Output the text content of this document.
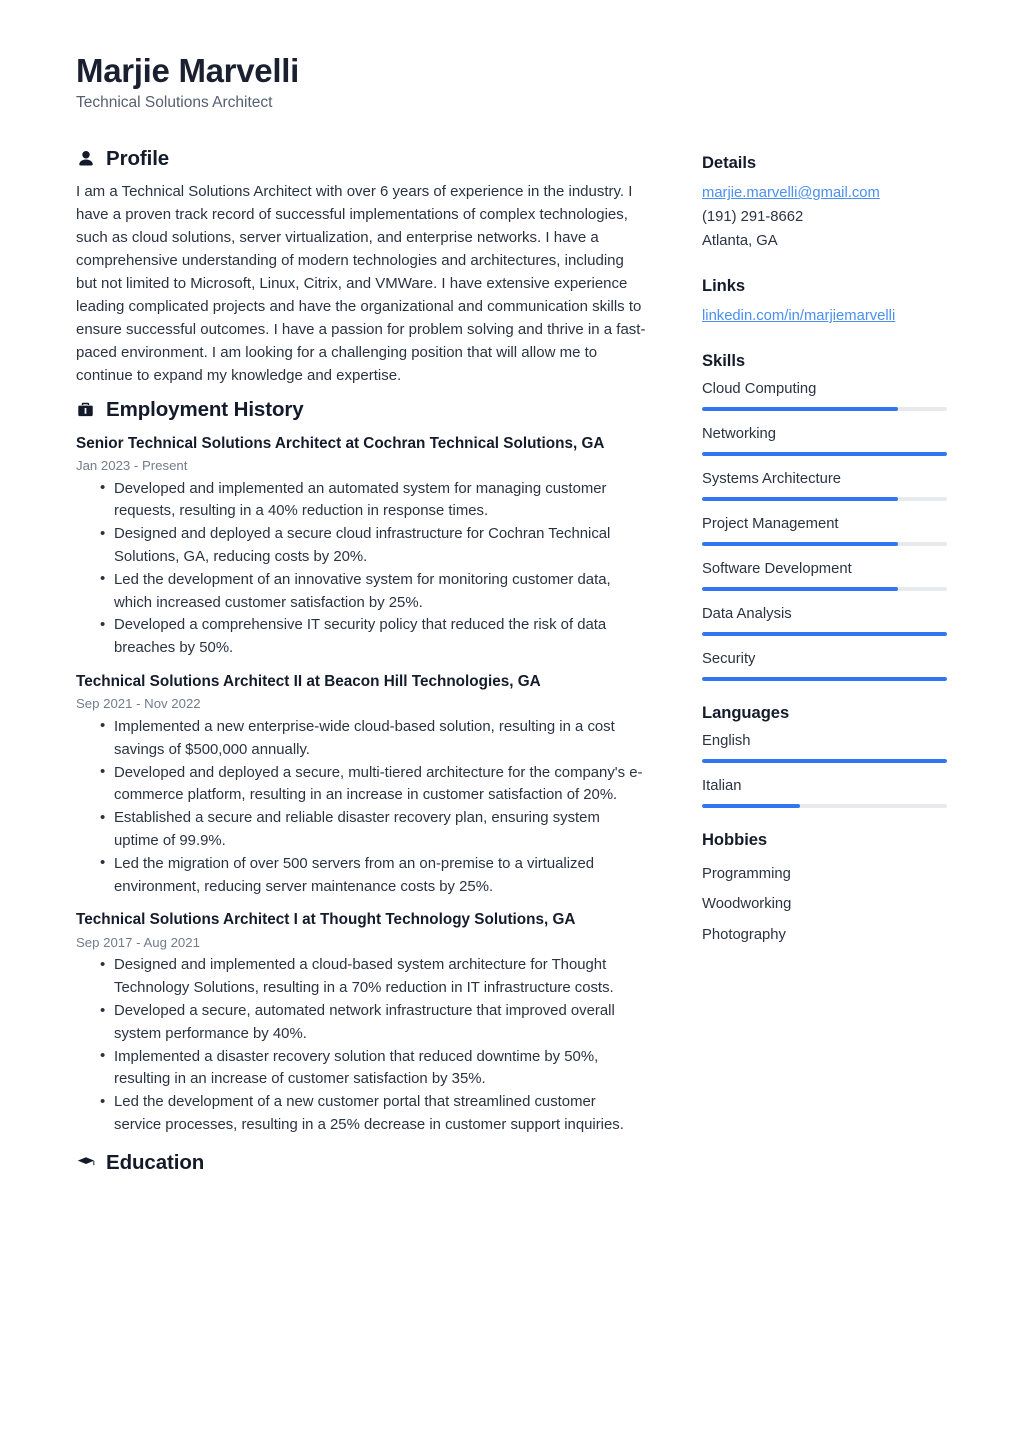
Marjie Marvelli

Technical Solutions Architect

Profile

I am a Technical Solutions Architect with over 6 years of experience in the industry. I have a proven track record of successful implementations of complex technologies, such as cloud solutions, server virtualization, and enterprise networks. I have a comprehensive understanding of modern technologies and architectures, including but not limited to Microsoft, Linux, Citrix, and VMWare. I have extensive experience leading complicated projects and have the organizational and communication skills to ensure successful outcomes. I have a passion for problem solving and thrive in a fast-paced environment. I am looking for a challenging position that will allow me to continue to expand my knowledge and expertise.

Employment History

Senior Technical Solutions Architect at Cochran Technical Solutions, GA

Jan 2023 - Present

• Developed and implemented an automated system for managing customer requests, resulting in a 40% reduction in response times.
• Designed and deployed a secure cloud infrastructure for Cochran Technical Solutions, GA, reducing costs by 20%.
• Led the development of an innovative system for monitoring customer data, which increased customer satisfaction by 25%.
• Developed a comprehensive IT security policy that reduced the risk of data breaches by 50%.

Technical Solutions Architect II at Beacon Hill Technologies, GA

Sep 2021 - Nov 2022

• Implemented a new enterprise-wide cloud-based solution, resulting in a cost savings of $500,000 annually.
• Developed and deployed a secure, multi-tiered architecture for the company's e-commerce platform, resulting in an increase in customer satisfaction of 20%.
• Established a secure and reliable disaster recovery plan, ensuring system uptime of 99.9%.
• Led the migration of over 500 servers from an on-premise to a virtualized environment, reducing server maintenance costs by 25%.

Technical Solutions Architect I at Thought Technology Solutions, GA

Sep 2017 - Aug 2021

• Designed and implemented a cloud-based system architecture for Thought Technology Solutions, resulting in a 70% reduction in IT infrastructure costs.
• Developed a secure, automated network infrastructure that improved overall system performance by 40%.
• Implemented a disaster recovery solution that reduced downtime by 50%, resulting in an increase of customer satisfaction by 35%.
• Led the development of a new customer portal that streamlined customer service processes, resulting in a 25% decrease in customer support inquiries.
Education

Details

marjie.marvelli@gmail.com

(191) 291-8662

Atlanta, GA

Links

linkedin.com/in/marjiemarvelli

Skills

Cloud Computing

Networking

Systems Architecture

Project Management

Software Development

Data Analysis

Security

Languages

English

Italian

Hobbies

Programming

Woodworking

Photography
